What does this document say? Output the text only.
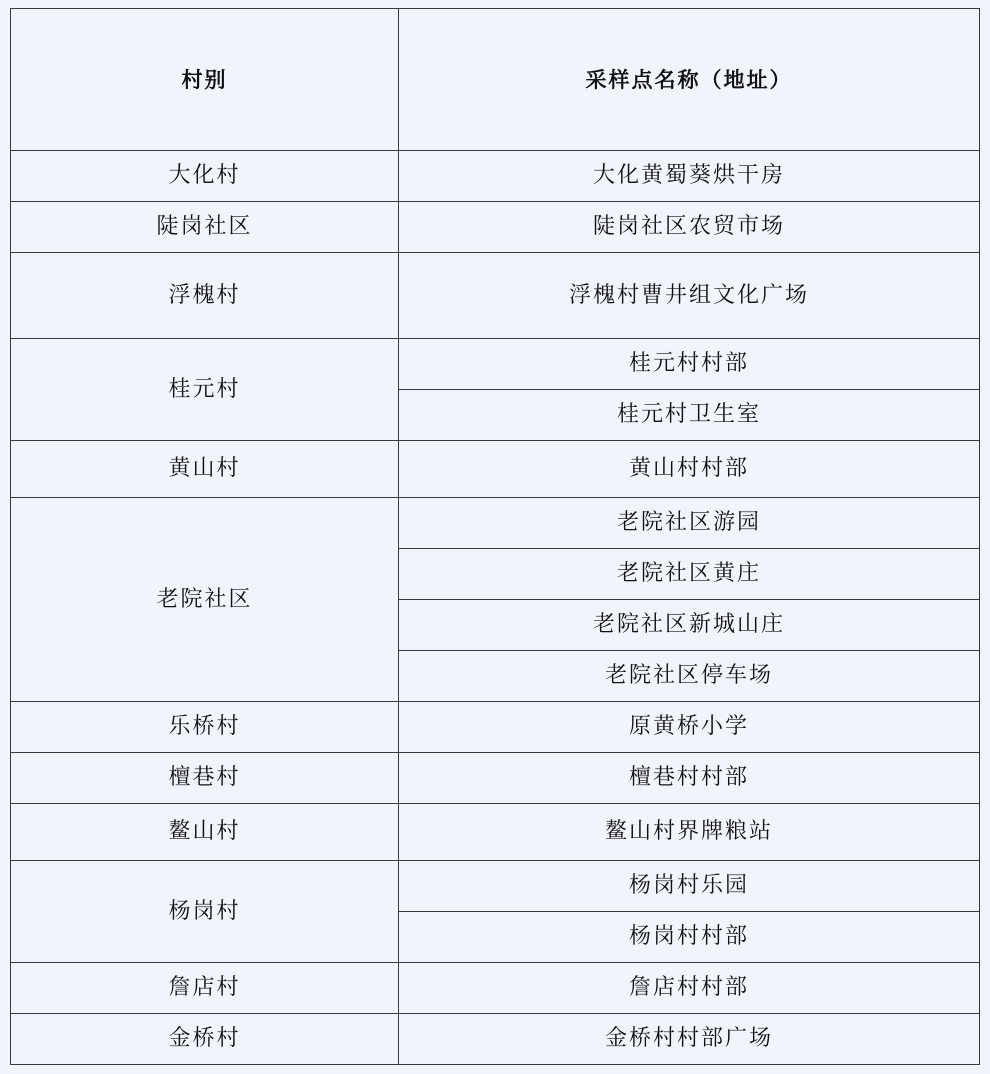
村别	采样点名称（地址）
大化村	大化黄蜀葵烘干房
陡岗社区	陡岗社区农贸市场
浮槐村	浮槐村曹井组文化广场
桂元村	桂元村村部
	桂元村卫生室
黄山村	黄山村村部
老院社区	老院社区游园
	老院社区黄庄
	老院社区新城山庄
	老院社区停车场
乐桥村	原黄桥小学
檀巷村	檀巷村村部
鳌山村	鳌山村界牌粮站
杨岗村	杨岗村乐园
	杨岗村村部
詹店村	詹店村村部
金桥村	金桥村村部广场
